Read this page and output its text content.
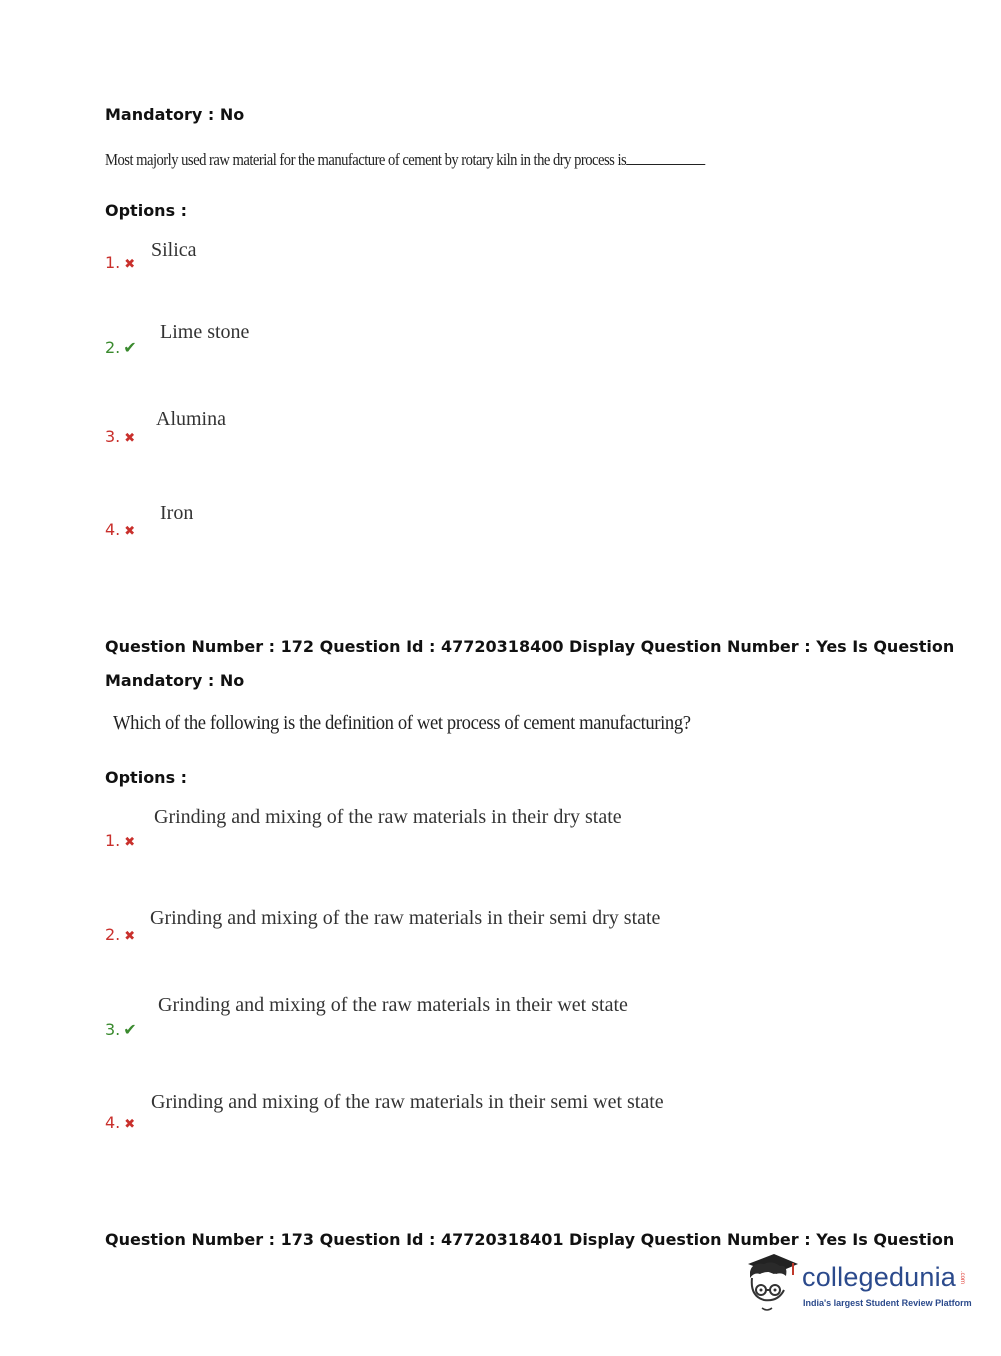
Mandatory : No
Most majorly used raw material for the manufacture of cement by rotary kiln in the dry process is
Options :
1. ✖
Silica
2. ✔
Lime stone
3. ✖
Alumina
4. ✖
Iron
Question Number : 172 Question Id : 47720318400 Display Question Number : Yes Is Question
Mandatory : No
Which of the following is the definition of wet process of cement manufacturing?
Options :
1. ✖
Grinding and mixing of the raw materials in their dry state
2. ✖
Grinding and mixing of the raw materials in their semi dry state
3. ✔
Grinding and mixing of the raw materials in their wet state
4. ✖
Grinding and mixing of the raw materials in their semi wet state
Question Number : 173 Question Id : 47720318401 Display Question Number : Yes Is Question
collegedunia .com
India's largest Student Review Platform
